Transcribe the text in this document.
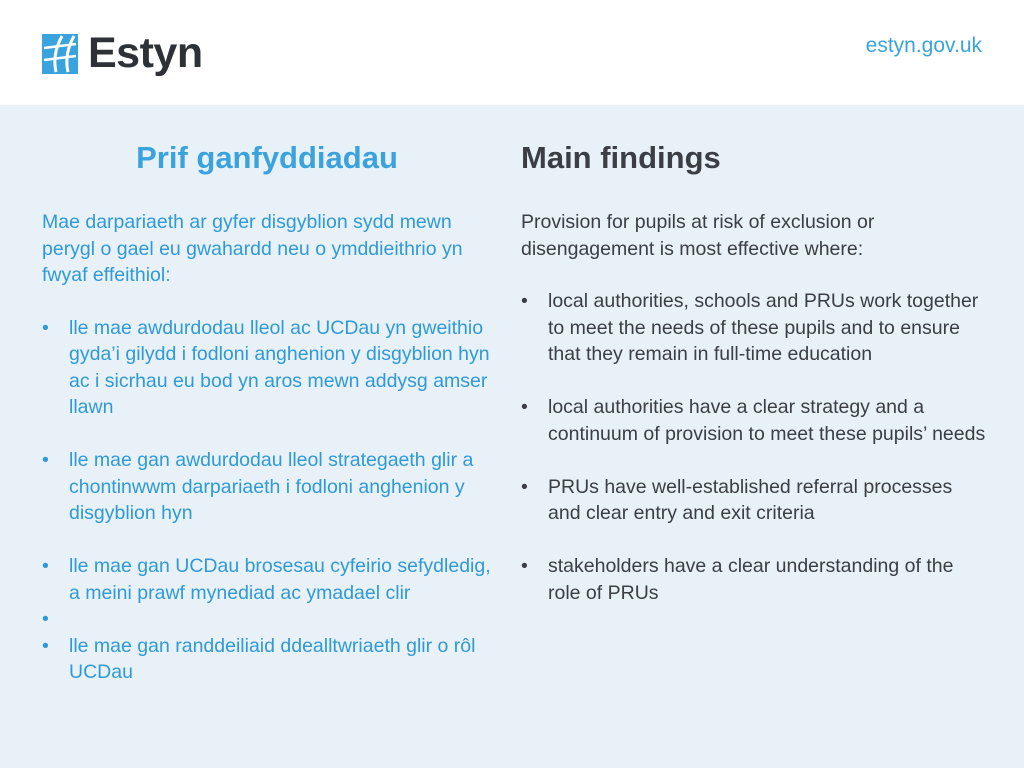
Estyn	estyn.gov.uk
Prif ganfyddiadau

Mae darpariaeth ar gyfer disgyblion sydd mewn perygl o gael eu gwahardd neu o ymddieithrio yn fwyaf effeithiol:

• lle mae awdurdodau lleol ac UCDau yn gweithio gyda’i gilydd i fodloni anghenion y disgyblion hyn ac i sicrhau eu bod yn aros mewn addysg amser llawn
• lle mae gan awdurdodau lleol strategaeth glir a chontinwwm darpariaeth i fodloni anghenion y disgyblion hyn
• lle mae gan UCDau brosesau cyfeirio sefydledig, a meini prawf mynediad ac ymadael clir
•
• lle mae gan randdeiliaid ddealltwriaeth glir o rôl UCDau
Main findings

Provision for pupils at risk of exclusion or disengagement is most effective where:

• local authorities, schools and PRUs work together to meet the needs of these pupils and to ensure that they remain in full-time education
• local authorities have a clear strategy and a continuum of provision to meet these pupils’ needs
• PRUs have well-established referral processes and clear entry and exit criteria
• stakeholders have a clear understanding of the role of PRUs
